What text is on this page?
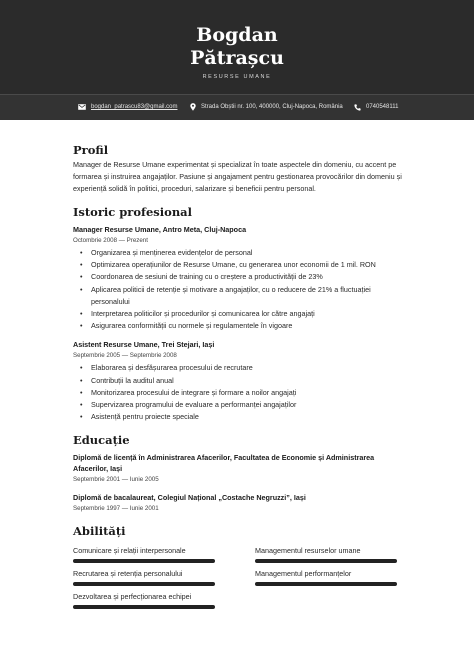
Bogdan
Pătrașcu
RESURSE UMANE
bogdan_patrascu83@gmail.com	Strada Obștii nr. 100, 400000, Cluj-Napoca, România	0740548111
Profil

Manager de Resurse Umane experimentat și specializat în toate aspectele din domeniu, cu accent pe formarea și instruirea angajaților. Pasiune și angajament pentru gestionarea provocărilor din domeniu și experiență solidă în politici, proceduri, salarizare și beneficii pentru personal.

Istoric profesional
Manager Resurse Umane, Antro Meta, Cluj-Napoca
Octombrie 2008 — Prezent
• Organizarea și menținerea evidențelor de personal
• Optimizarea operațiunilor de Resurse Umane, cu generarea unor economii de 1 mil. RON
• Coordonarea de sesiuni de training cu o creștere a productivității de 23%
• Aplicarea politicii de retenție și motivare a angajaților, cu o reducere de 21% a fluctuației personalului
• Interpretarea politicilor și procedurilor și comunicarea lor către angajați
• Asigurarea conformității cu normele și regulamentele în vigoare
Asistent Resurse Umane, Trei Stejari, Iași
Septembrie 2005 — Septembrie 2008
• Elaborarea și desfășurarea procesului de recrutare
• Contribuții la auditul anual
• Monitorizarea procesului de integrare și formare a noilor angajați
• Supervizarea programului de evaluare a performanței angajaților
• Asistență pentru proiecte speciale
Educație
Diplomă de licență în Administrarea Afacerilor, Facultatea de Economie și Administrarea Afacerilor, Iași
Septembrie 2001 — Iunie 2005
Diplomă de bacalaureat, Colegiul Național „Costache Negruzzi”, Iași
Septembrie 1997 — Iunie 2001
Abilități
Comunicare și relații interpersonale	Managementul resurselor umane
Recrutarea și retenția personalului	Managementul performanțelor
Dezvoltarea și perfecționarea echipei
